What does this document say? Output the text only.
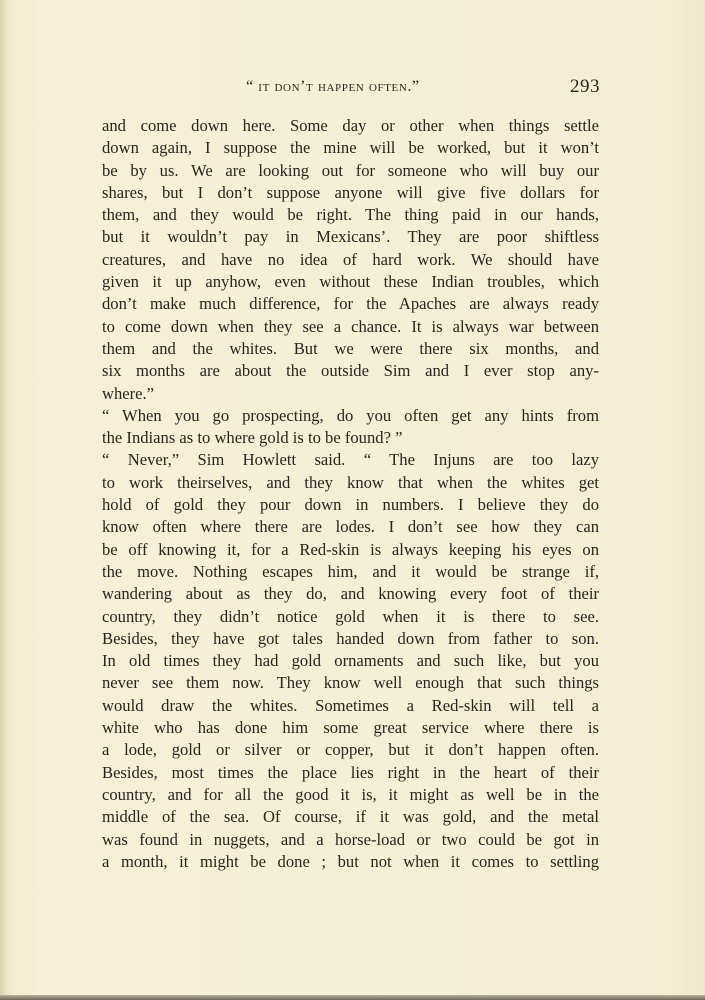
“ it don’t happen often.”	293
and come down here. Some day or other when things settle
down again, I suppose the mine will be worked, but it won’t
be by us. We are looking out for someone who will buy our
shares, but I don’t suppose anyone will give five dollars for
them, and they would be right. The thing paid in our hands,
but it wouldn’t pay in Mexicans’. They are poor shiftless
creatures, and have no idea of hard work. We should have
given it up anyhow, even without these Indian troubles, which
don’t make much difference, for the Apaches are always ready
to come down when they see a chance. It is always war between
them and the whites. But we were there six months, and
six months are about the outside Sim and I ever stop any-
where.”
“ When you go prospecting, do you often get any hints from
the Indians as to where gold is to be found? ”
“ Never,” Sim Howlett said. “ The Injuns are too lazy
to work theirselves, and they know that when the whites get
hold of gold they pour down in numbers. I believe they do
know often where there are lodes. I don’t see how they can
be off knowing it, for a Red-skin is always keeping his eyes on
the move. Nothing escapes him, and it would be strange if,
wandering about as they do, and knowing every foot of their
country, they didn’t notice gold when it is there to see.
Besides, they have got tales handed down from father to son.
In old times they had gold ornaments and such like, but you
never see them now. They know well enough that such things
would draw the whites. Sometimes a Red-skin will tell a
white who has done him some great service where there is
a lode, gold or silver or copper, but it don’t happen often.
Besides, most times the place lies right in the heart of their
country, and for all the good it is, it might as well be in the
middle of the sea. Of course, if it was gold, and the metal
was found in nuggets, and a horse-load or two could be got in
a month, it might be done ; but not when it comes to settling
